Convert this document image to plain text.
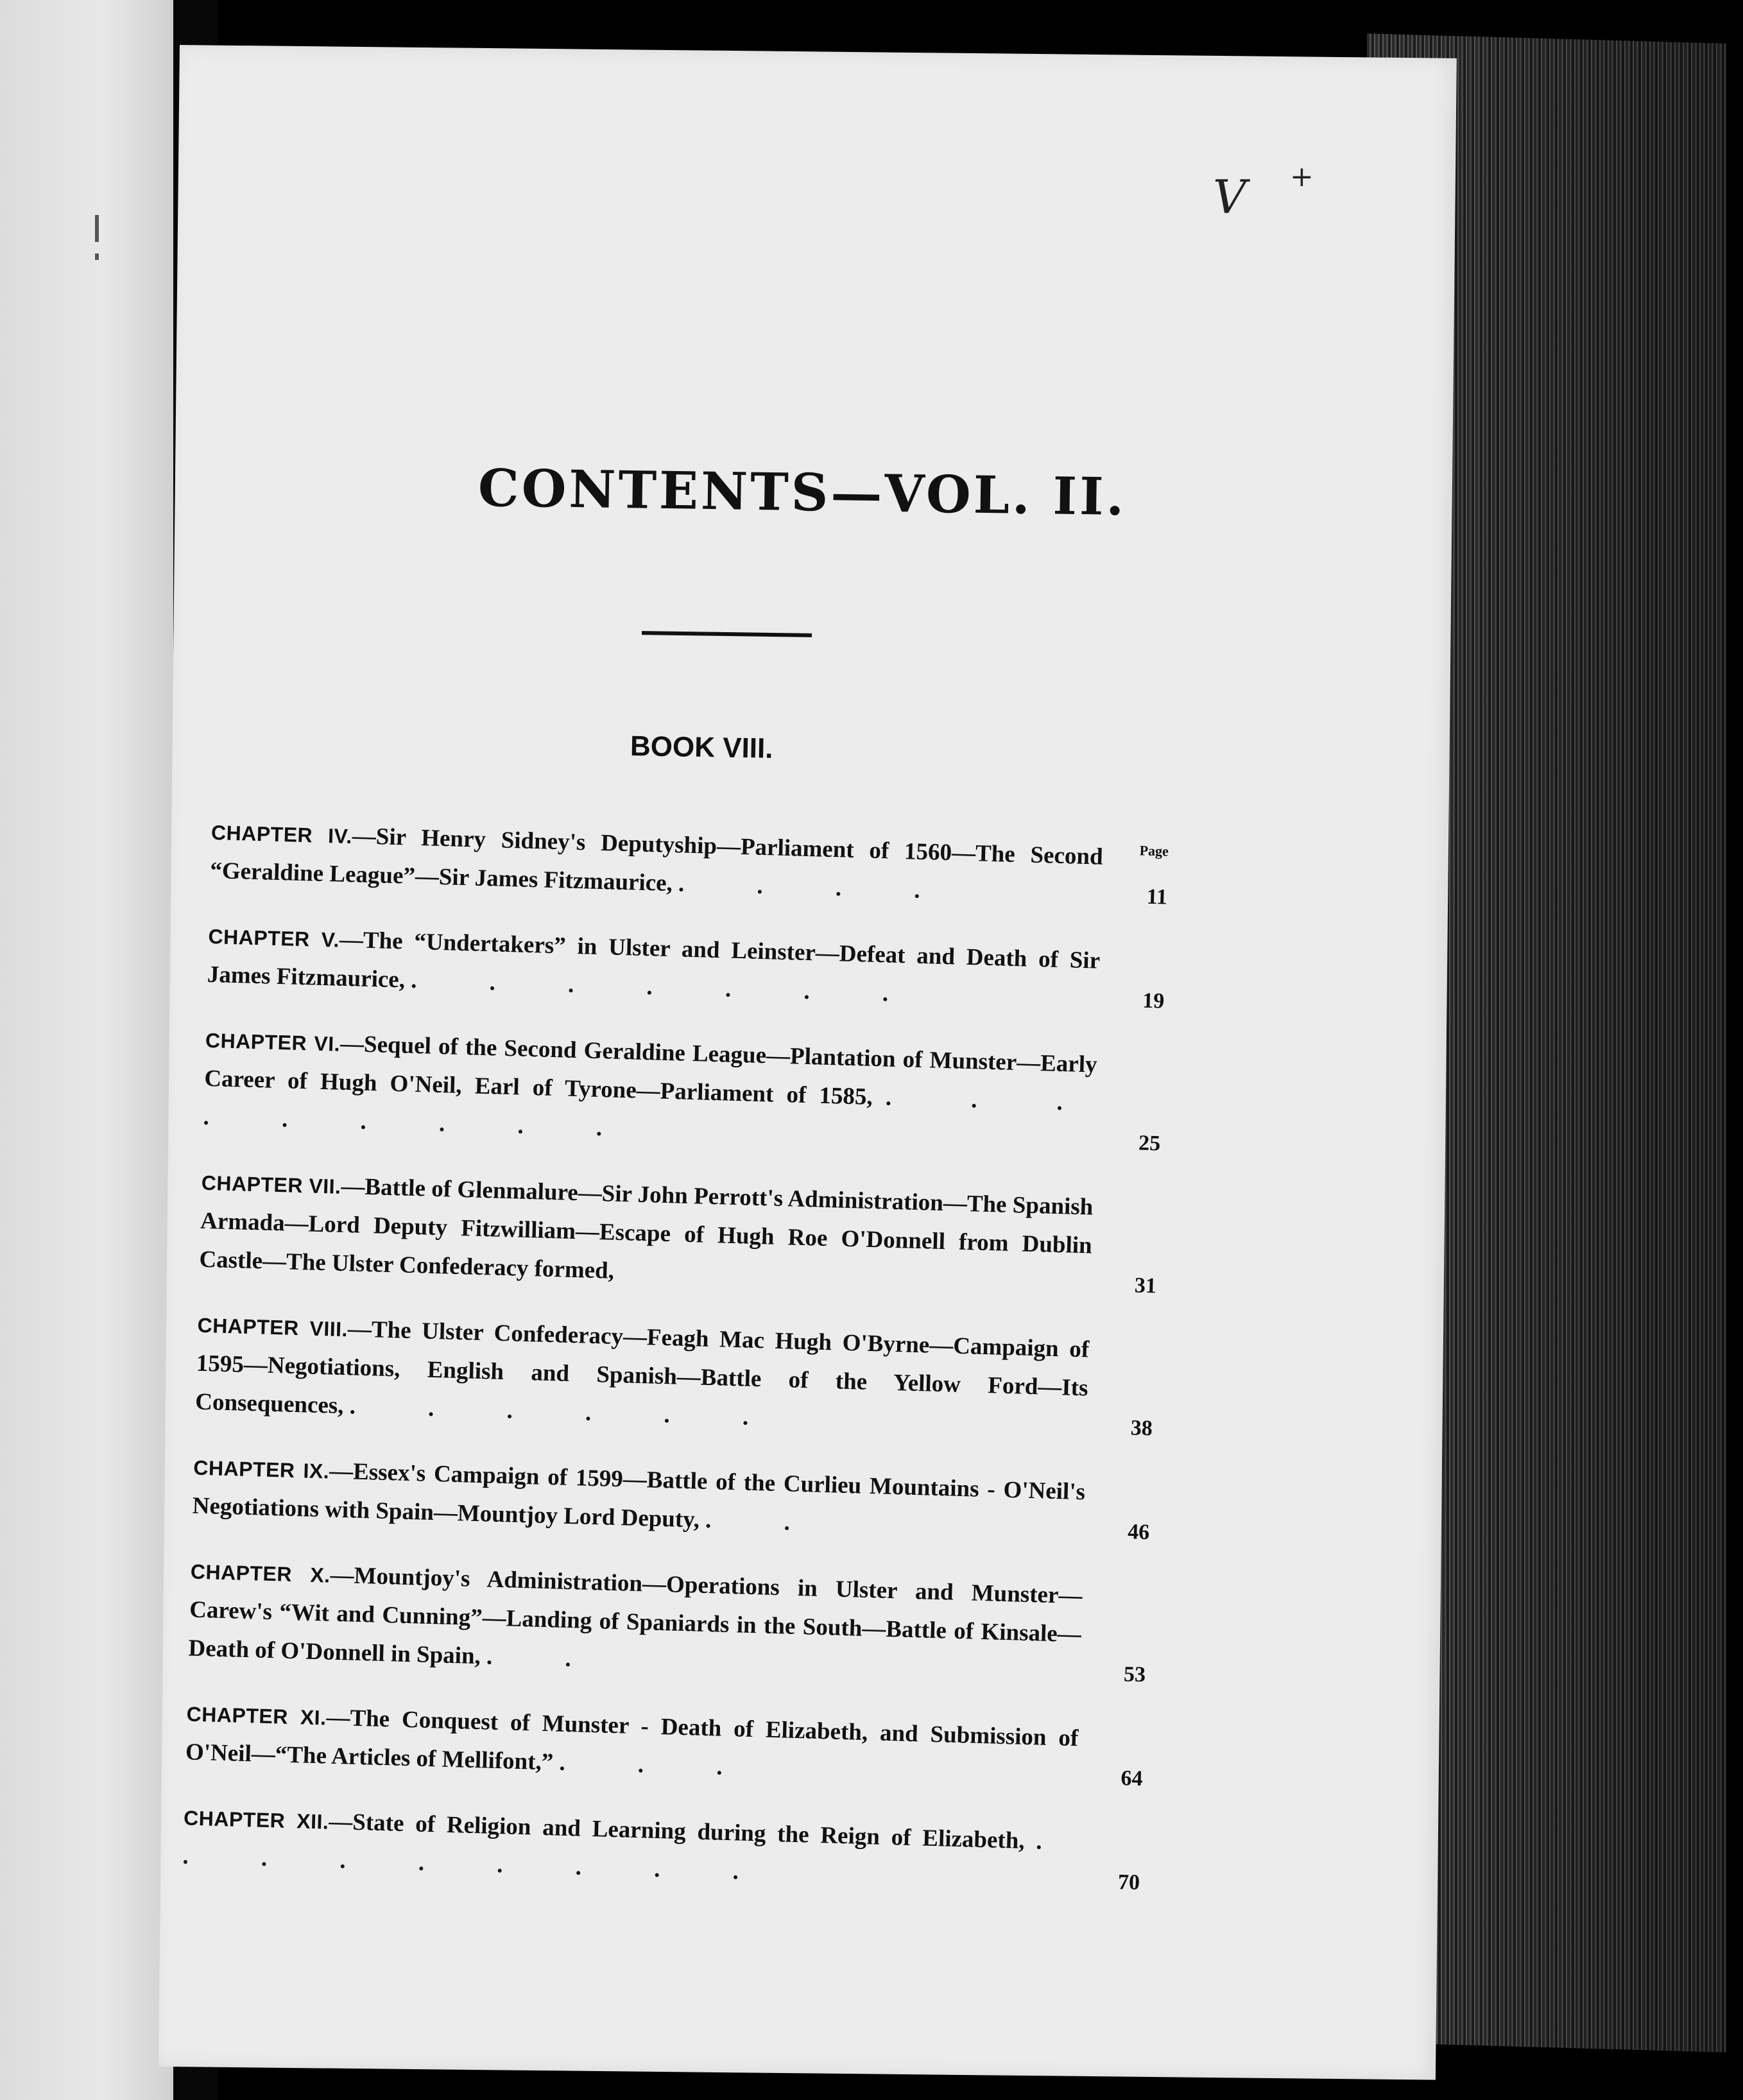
V +
CONTENTS—VOL. II.
BOOK VIII.
Page
CHAPTER IV.—Sir Henry Sidney's Deputyship—Parliament of 1560—The Second “Geraldine League”—Sir James Fitzmaurice, . . . .	11
CHAPTER V.—The “Undertakers” in Ulster and Leinster—Defeat and Death of Sir James Fitzmaurice, . . . . . . .	19
CHAPTER VI.—Sequel of the Second Geraldine League—Plantation of Munster—Early Career of Hugh O'Neil, Earl of Tyrone—Parliament of 1585, . . . . . . . . .
25
CHAPTER VII.—Battle of Glenmalure—Sir John Perrott's Administration—The Spanish Armada—Lord Deputy Fitzwilliam—Escape of Hugh Roe O'Donnell from Dublin Castle—The Ulster Confederacy formed,
31
CHAPTER VIII.—The Ulster Confederacy—Feagh Mac Hugh O'Byrne—Campaign of 1595—Negotiations, English and Spanish—Battle of the Yellow Ford—Its Consequences, . . . . . .	38
CHAPTER IX.—Essex's Campaign of 1599—Battle of the Curlieu Mountains - O'Neil's Negotiations with Spain—Mountjoy Lord Deputy, . .	46
CHAPTER X.—Mountjoy's Administration—Operations in Ulster and Munster—Carew's “Wit and Cunning”—Landing of Spaniards in the South—Battle of Kinsale—Death of O'Donnell in Spain, . .
53
CHAPTER XI.—The Conquest of Munster - Death of Elizabeth, and Submission of O'Neil—“The Articles of Mellifont,” . . .	64
CHAPTER XII.—State of Religion and Learning during the Reign of Elizabeth, . . . . . . . . .	70
